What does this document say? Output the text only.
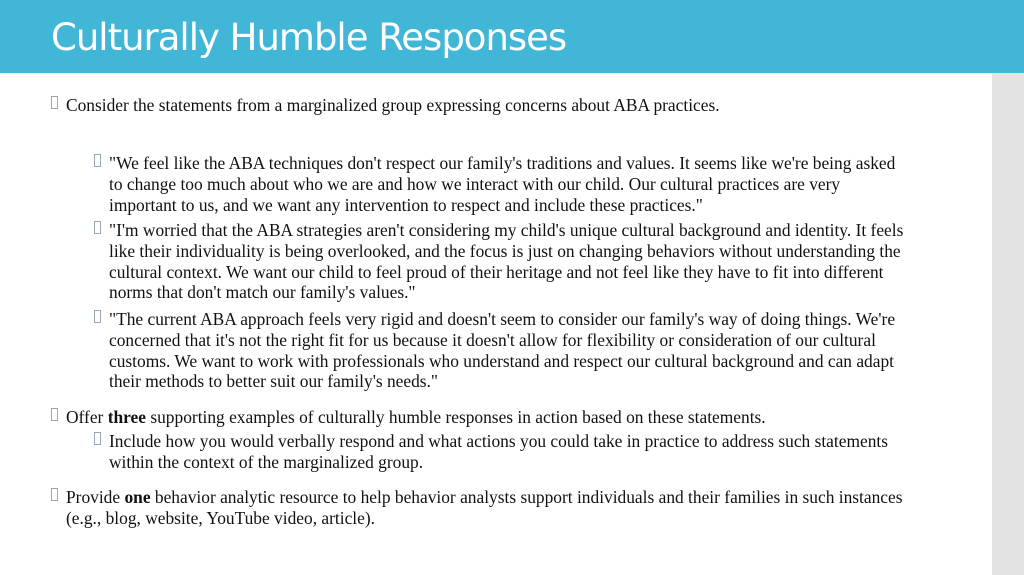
Culturally Humble Responses
Consider the statements from a marginalized group expressing concerns about ABA practices.
"We feel like the ABA techniques don't respect our family's traditions and values. It seems like we're being asked to change too much about who we are and how we interact with our child. Our cultural practices are very important to us, and we want any intervention to respect and include these practices."
"I'm worried that the ABA strategies aren't considering my child's unique cultural background and identity. It feels like their individuality is being overlooked, and the focus is just on changing behaviors without understanding the cultural context. We want our child to feel proud of their heritage and not feel like they have to fit into different norms that don't match our family's values."
"The current ABA approach feels very rigid and doesn't seem to consider our family's way of doing things. We're concerned that it's not the right fit for us because it doesn't allow for flexibility or consideration of our cultural customs. We want to work with professionals who understand and respect our cultural background and can adapt their methods to better suit our family's needs."
Offer three supporting examples of culturally humble responses in action based on these statements.
Include how you would verbally respond and what actions you could take in practice to address such statements within the context of the marginalized group.
Provide one behavior analytic resource to help behavior analysts support individuals and their families in such instances (e.g., blog, website, YouTube video, article).
